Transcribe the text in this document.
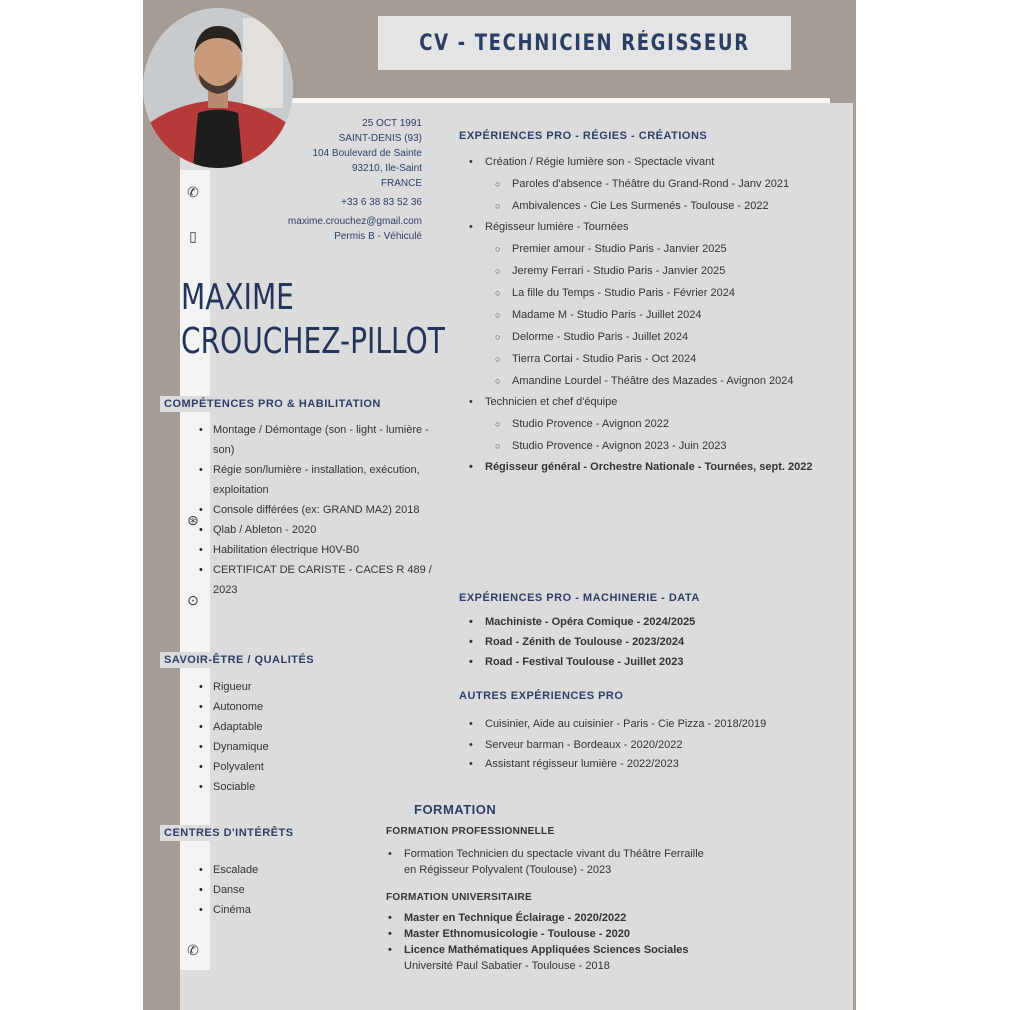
CV - TECHNICIEN RÉGISSEUR
25 OCT 1991
SAINT-DENIS (93)
104 Boulevard de Sainte
93210, Ile-Saint
FRANCE
+33 6 38 83 52 36
maxime.crouchez@gmail.com
Permis B - Véhiculé
✆
▯
⊛
⊙
✆
MAXIME
CROUCHEZ-PILLOT
COMPÉTENCES PRO & HABILITATION
• Montage / Démontage (son - light - lumière - son)
• Régie son/lumière - installation, exécution, exploitation
• Console différées (ex: GRAND MA2) 2018
• Qlab / Ableton - 2020
• Habilitation électrique H0V-B0
• CERTIFICAT DE CARISTE - CACES R 489 / 2023
SAVOIR-ÊTRE / QUALITÉS
• Rigueur
• Autonome
• Adaptable
• Dynamique
• Polyvalent
• Sociable
CENTRES D'INTÉRÊTS
• Escalade
• Danse
• Cinéma
EXPÉRIENCES PRO - RÉGIES - CRÉATIONS
• Création / Régie lumière son - Spectacle vivant
○ Paroles d'absence - Théâtre du Grand-Rond - Janv 2021
○ Ambivalences - Cie Les Surmenés - Toulouse - 2022
• Régisseur lumière - Tournées
○ Premier amour - Studio Paris - Janvier 2025
○ Jeremy Ferrari - Studio Paris - Janvier 2025
○ La fille du Temps - Studio Paris - Février 2024
○ Madame M - Studio Paris - Juillet 2024
○ Delorme - Studio Paris - Juillet 2024
○ Tierra Cortai - Studio Paris - Oct 2024
○ Amandine Lourdel - Théâtre des Mazades - Avignon 2024
• Technicien et chef d'équipe
○ Studio Provence - Avignon 2022
○ Studio Provence - Avignon 2023 - Juin 2023
• Régisseur général - Orchestre Nationale - Tournées, sept. 2022
EXPÉRIENCES PRO - MACHINERIE - DATA
• Machiniste - Opéra Comique - 2024/2025
• Road - Zénith de Toulouse - 2023/2024
• Road - Festival Toulouse - Juillet 2023
AUTRES EXPÉRIENCES PRO
• Cuisinier, Aide au cuisinier - Paris - Cie Pizza - 2018/2019
• Serveur barman - Bordeaux - 2020/2022
• Assistant régisseur lumière - 2022/2023
FORMATION
FORMATION PROFESSIONNELLE
• Formation Technicien du spectacle vivant du Théâtre Ferraille
en Régisseur Polyvalent (Toulouse) - 2023
FORMATION UNIVERSITAIRE
• Master en Technique Éclairage - 2020/2022
• Master Ethnomusicologie - Toulouse - 2020
• Licence Mathématiques Appliquées Sciences Sociales
Université Paul Sabatier - Toulouse - 2018
